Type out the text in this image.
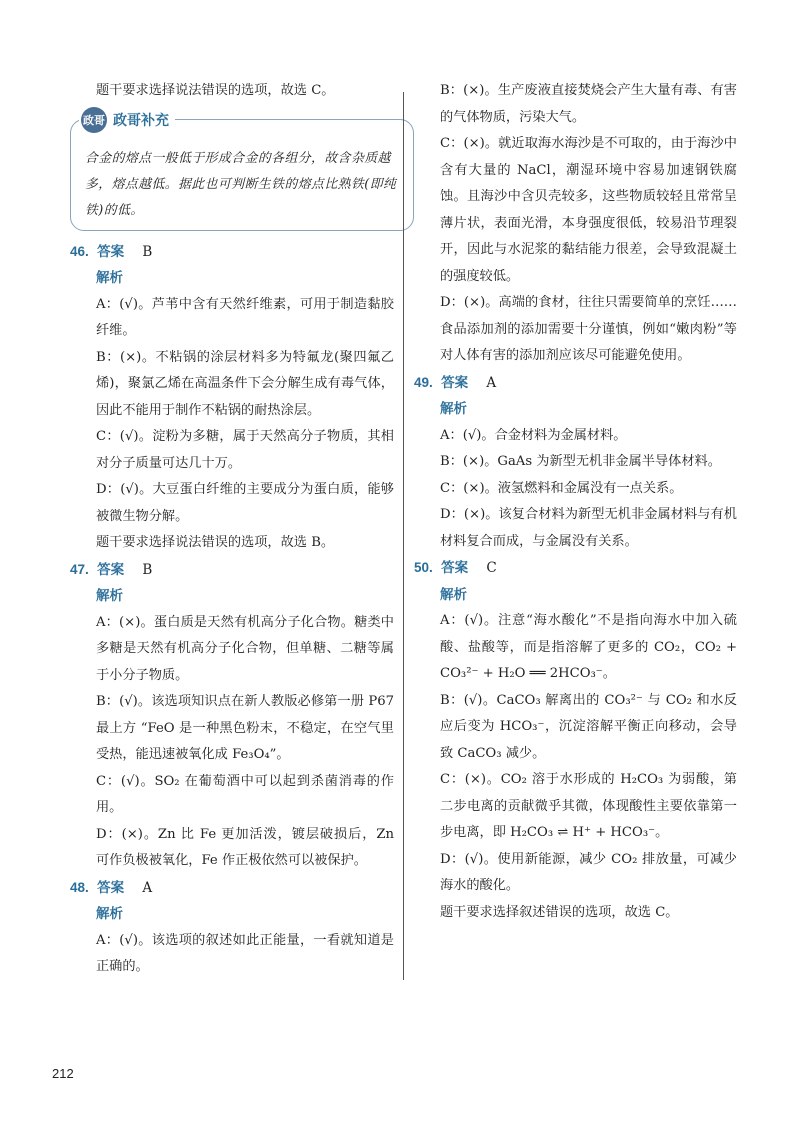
题干要求选择说法错误的选项，故选 C。

政哥 政哥补充

合金的熔点一般低于形成合金的各组分，故含杂质越多，熔点越低。据此也可判断生铁的熔点比熟铁(即纯铁)的低。

46. 答案 B

解析

A：(√)。芦苇中含有天然纤维素，可用于制造黏胶纤维。

B：(×)。不粘锅的涂层材料多为特氟龙(聚四氟乙烯)，聚氯乙烯在高温条件下会分解生成有毒气体，因此不能用于制作不粘锅的耐热涂层。

C：(√)。淀粉为多糖，属于天然高分子物质，其相对分子质量可达几十万。

D：(√)。大豆蛋白纤维的主要成分为蛋白质，能够被微生物分解。

题干要求选择说法错误的选项，故选 B。

47. 答案 B

解析

A：(×)。蛋白质是天然有机高分子化合物。糖类中多糖是天然有机高分子化合物，但单糖、二糖等属于小分子物质。

B：(√)。该选项知识点在新人教版必修第一册 P67 最上方 “FeO 是一种黑色粉末，不稳定，在空气里受热，能迅速被氧化成 Fe₃O₄”。

C：(√)。SO₂ 在葡萄酒中可以起到杀菌消毒的作用。

D：(×)。Zn 比 Fe 更加活泼，镀层破损后，Zn 可作负极被氧化，Fe 作正极依然可以被保护。

48. 答案 A

解析

A：(√)。该选项的叙述如此正能量，一看就知道是正确的。

B：(×)。生产废液直接焚烧会产生大量有毒、有害的气体物质，污染大气。

C：(×)。就近取海水海沙是不可取的，由于海沙中含有大量的 NaCl，潮湿环境中容易加速钢铁腐蚀。且海沙中含贝壳较多，这些物质较轻且常常呈薄片状，表面光滑，本身强度很低，较易沿节理裂开，因此与水泥浆的黏结能力很差，会导致混凝土的强度较低。

D：(×)。高端的食材，往往只需要简单的烹饪……食品添加剂的添加需要十分谨慎，例如“嫩肉粉”等对人体有害的添加剂应该尽可能避免使用。

49. 答案 A

解析

A：(√)。合金材料为金属材料。

B：(×)。GaAs 为新型无机非金属半导体材料。

C：(×)。液氢燃料和金属没有一点关系。

D：(×)。该复合材料为新型无机非金属材料与有机材料复合而成，与金属没有关系。

50. 答案 C

解析

A：(√)。注意“海水酸化”不是指向海水中加入硫酸、盐酸等，而是指溶解了更多的 CO₂，CO₂ + CO₃²⁻ + H₂O ══ 2HCO₃⁻。

B：(√)。CaCO₃ 解离出的 CO₃²⁻ 与 CO₂ 和水反应后变为 HCO₃⁻，沉淀溶解平衡正向移动，会导致 CaCO₃ 减少。

C：(×)。CO₂ 溶于水形成的 H₂CO₃ 为弱酸，第二步电离的贡献微乎其微，体现酸性主要依靠第一步电离，即 H₂CO₃ ⇌ H⁺ + HCO₃⁻。

D：(√)。使用新能源，减少 CO₂ 排放量，可减少海水的酸化。

题干要求选择叙述错误的选项，故选 C。

212
